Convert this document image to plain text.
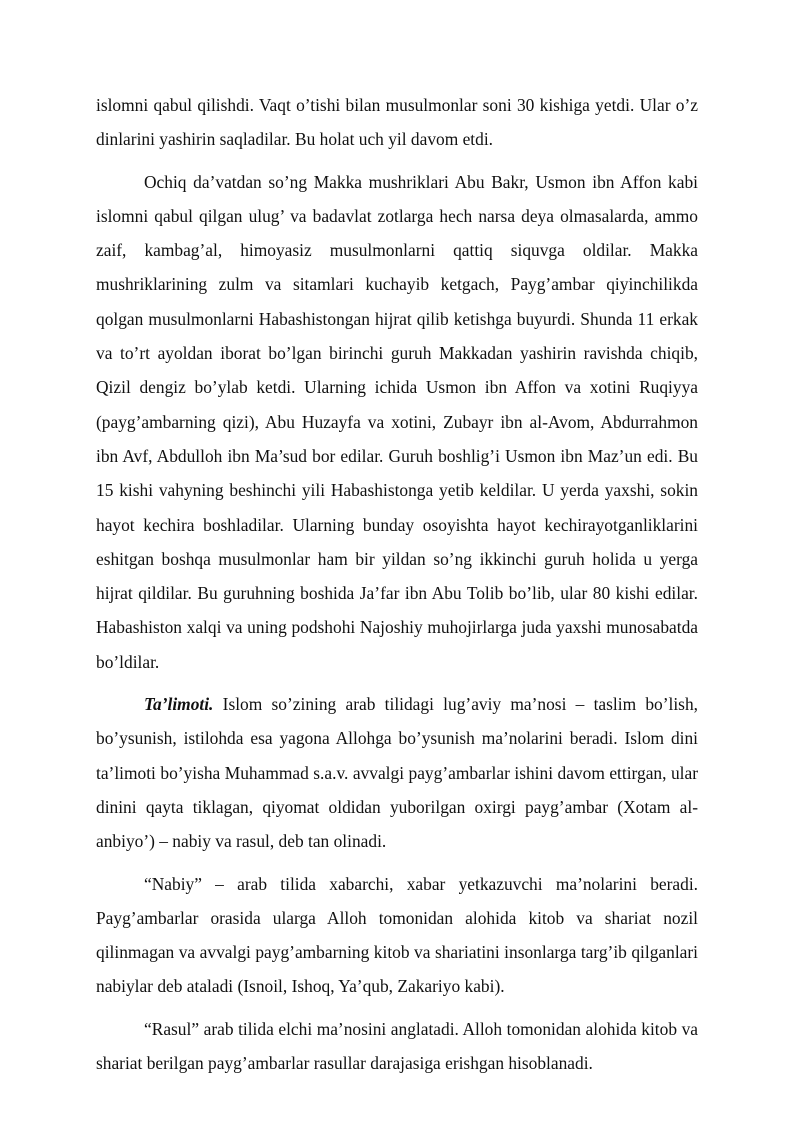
islomni qabul qilishdi. Vaqt o’tishi bilan musulmonlar soni 30 kishiga yetdi. Ular o’z dinlarini yashirin saqladilar. Bu holat uch yil davom etdi.

Ochiq da’vatdan so’ng Makka mushriklari Abu Bakr, Usmon ibn Affon kabi islomni qabul qilgan ulug’ va badavlat zotlarga hech narsa deya olmasalarda, ammo zaif, kambag’al, himoyasiz musulmonlarni qattiq siquvga oldilar. Makka mushriklarining zulm va sitamlari kuchayib ketgach, Payg’ambar qiyinchilikda qolgan musulmonlarni Habashistongan hijrat qilib ketishga buyurdi. Shunda 11 erkak va to’rt ayoldan iborat bo’lgan birinchi guruh Makkadan yashirin ravishda chiqib, Qizil dengiz bo’ylab ketdi. Ularning ichida Usmon ibn Affon va xotini Ruqiyya (payg’ambarning qizi), Abu Huzayfa va xotini, Zubayr ibn al-Avom, Abdurrahmon ibn Avf, Abdulloh ibn Ma’sud bor edilar. Guruh boshlig’i Usmon ibn Maz’un edi. Bu 15 kishi vahyning beshinchi yili Habashistonga yetib keldilar. U yerda yaxshi, sokin hayot kechira boshladilar. Ularning bunday osoyishta hayot kechirayotganliklarini eshitgan boshqa musulmonlar ham bir yildan so’ng ikkinchi guruh holida u yerga hijrat qildilar. Bu guruhning boshida Ja’far ibn Abu Tolib bo’lib, ular 80 kishi edilar. Habashiston xalqi va uning podshohi Najoshiy muhojirlarga juda yaxshi munosabatda bo’ldilar.

Ta’limoti. Islom so’zining arab tilidagi lug’aviy ma’nosi – taslim bo’lish, bo’ysunish, istilohda esa yagona Allohga bo’ysunish ma’nolarini beradi. Islom dini ta’limoti bo’yisha Muhammad s.a.v. avvalgi payg’ambarlar ishini davom ettirgan, ular dinini qayta tiklagan, qiyomat oldidan yuborilgan oxirgi payg’ambar (Xotam al-anbiyo’) – nabiy va rasul, deb tan olinadi.

“Nabiy” – arab tilida xabarchi, xabar yetkazuvchi ma’nolarini beradi. Payg’ambarlar orasida ularga Alloh tomonidan alohida kitob va shariat nozil qilinmagan va avvalgi payg’ambarning kitob va shariatini insonlarga targ’ib qilganlari nabiylar deb ataladi (Isnoil, Ishoq, Ya’qub, Zakariyo kabi).

“Rasul” arab tilida elchi ma’nosini anglatadi. Alloh tomonidan alohida kitob va shariat berilgan payg’ambarlar rasullar darajasiga erishgan hisoblanadi.
